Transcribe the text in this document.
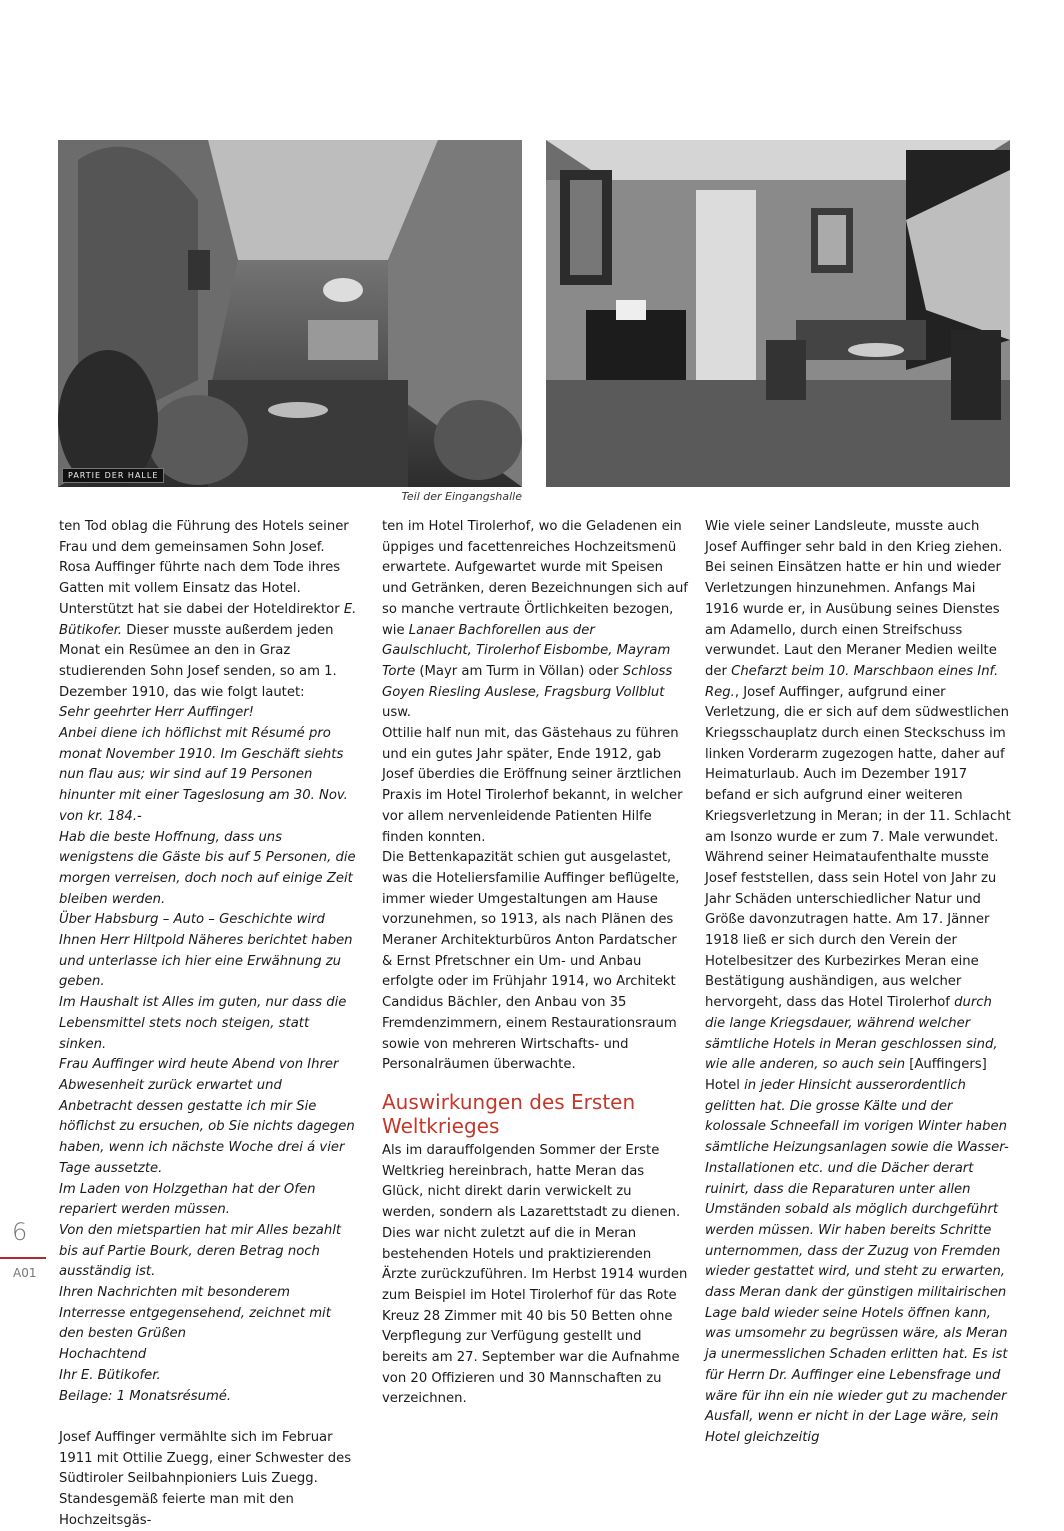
PARTIE DER HALLE
Teil der Eingangshalle

ten Tod oblag die Führung des Hotels seiner Frau und dem gemeinsamen Sohn Josef. Rosa Auffinger führte nach dem Tode ihres Gatten mit vollem Einsatz das Hotel. Unterstützt hat sie dabei der Hoteldirektor E. Bütikofer. Dieser musste außerdem jeden Monat ein Resümee an den in Graz studierenden Sohn Josef senden, so am 1. Dezember 1910, das wie folgt lautet:

Sehr geehrter Herr Auffinger!

Anbei diene ich höflichst mit Résumé pro monat November 1910. Im Geschäft siehts nun flau aus; wir sind auf 19 Personen hinunter mit einer Tageslosung am 30. Nov. von kr. 184.-

Hab die beste Hoffnung, dass uns wenigstens die Gäste bis auf 5 Personen, die morgen verreisen, doch noch auf einige Zeit bleiben werden.

Über Habsburg – Auto – Geschichte wird Ihnen Herr Hiltpold Näheres berichtet haben und unterlasse ich hier eine Erwähnung zu geben.

Im Haushalt ist Alles im guten, nur dass die Lebensmittel stets noch steigen, statt sinken.

Frau Auffinger wird heute Abend von Ihrer Abwesenheit zurück erwartet und Anbetracht dessen gestatte ich mir Sie höflichst zu ersuchen, ob Sie nichts dagegen haben, wenn ich nächste Woche drei á vier Tage aussetzte.

Im Laden von Holzgethan hat der Ofen repariert werden müssen.

Von den mietspartien hat mir Alles bezahlt bis auf Partie Bourk, deren Betrag noch ausständig ist.

Ihren Nachrichten mit besonderem Interresse entgegensehend, zeichnet mit den besten Grüßen

Hochachtend

Ihr E. Bütikofer.

Beilage: 1 Monatsrésumé.

Josef Auffinger vermählte sich im Februar 1911 mit Ottilie Zuegg, einer Schwester des Südtiroler Seilbahnpioniers Luis Zuegg. Standesgemäß feierte man mit den Hochzeitsgäs-

ten im Hotel Tirolerhof, wo die Geladenen ein üppiges und facettenreiches Hochzeitsmenü erwartete. Aufgewartet wurde mit Speisen und Getränken, deren Bezeichnungen sich auf so manche vertraute Örtlichkeiten bezogen, wie Lanaer Bachforellen aus der Gaulschlucht, Tirolerhof Eisbombe, Mayram Torte (Mayr am Turm in Völlan) oder Schloss Goyen Riesling Auslese, Fragsburg Vollblut usw.

Ottilie half nun mit, das Gästehaus zu führen und ein gutes Jahr später, Ende 1912, gab Josef überdies die Eröffnung seiner ärztlichen Praxis im Hotel Tirolerhof bekannt, in welcher vor allem nervenleidende Patienten Hilfe finden konnten.

Die Bettenkapazität schien gut ausgelastet, was die Hoteliersfamilie Auffinger beflügelte, immer wieder Umgestaltungen am Hause vorzunehmen, so 1913, als nach Plänen des Meraner Architekturbüros Anton Pardatscher & Ernst Pfretschner ein Um- und Anbau erfolgte oder im Frühjahr 1914, wo Architekt Candidus Bächler, den Anbau von 35 Fremdenzimmern, einem Restaurationsraum sowie von mehreren Wirtschafts- und Personalräumen überwachte.

Auswirkungen des Ersten Weltkrieges

Als im darauffolgenden Sommer der Erste Weltkrieg hereinbrach, hatte Meran das Glück, nicht direkt darin verwickelt zu werden, sondern als Lazarettstadt zu dienen. Dies war nicht zuletzt auf die in Meran bestehenden Hotels und praktizierenden Ärzte zurückzuführen. Im Herbst 1914 wurden zum Beispiel im Hotel Tirolerhof für das Rote Kreuz 28 Zimmer mit 40 bis 50 Betten ohne Verpflegung zur Verfügung gestellt und bereits am 27. September war die Aufnahme von 20 Offizieren und 30 Mannschaften zu verzeichnen.

Wie viele seiner Landsleute, musste auch Josef Auffinger sehr bald in den Krieg ziehen. Bei seinen Einsätzen hatte er hin und wieder Verletzungen hinzunehmen. Anfangs Mai 1916 wurde er, in Ausübung seines Dienstes am Adamello, durch einen Streifschuss verwundet. Laut den Meraner Medien weilte der Chefarzt beim 10. Marschbaon eines Inf. Reg., Josef Auffinger, aufgrund einer Verletzung, die er sich auf dem südwestlichen Kriegsschauplatz durch einen Steckschuss im linken Vorderarm zugezogen hatte, daher auf Heimaturlaub. Auch im Dezember 1917 befand er sich aufgrund einer weiteren Kriegsverletzung in Meran; in der 11. Schlacht am Isonzo wurde er zum 7. Male verwundet. Während seiner Heimataufenthalte musste Josef feststellen, dass sein Hotel von Jahr zu Jahr Schäden unterschiedlicher Natur und Größe davonzutragen hatte. Am 17. Jänner 1918 ließ er sich durch den Verein der Hotelbesitzer des Kurbezirkes Meran eine Bestätigung aushändigen, aus welcher hervorgeht, dass das Hotel Tirolerhof durch die lange Kriegsdauer, während welcher sämtliche Hotels in Meran geschlossen sind, wie alle anderen, so auch sein [Auffingers] Hotel in jeder Hinsicht ausserordentlich gelitten hat. Die grosse Kälte und der kolossale Schneefall im vorigen Winter haben sämtliche Heizungsanlagen sowie die Wasser-Installationen etc. und die Dächer derart ruinirt, dass die Reparaturen unter allen Umständen sobald als möglich durchgeführt werden müssen. Wir haben bereits Schritte unternommen, dass der Zuzug von Fremden wieder gestattet wird, und steht zu erwarten, dass Meran dank der günstigen militairischen Lage bald wieder seine Hotels öffnen kann, was umsomehr zu begrüssen wäre, als Meran ja unermesslichen Schaden erlitten hat. Es ist für Herrn Dr. Auffinger eine Lebensfrage und wäre für ihn ein nie wieder gut zu machender Ausfall, wenn er nicht in der Lage wäre, sein Hotel gleichzeitig

6
A01
